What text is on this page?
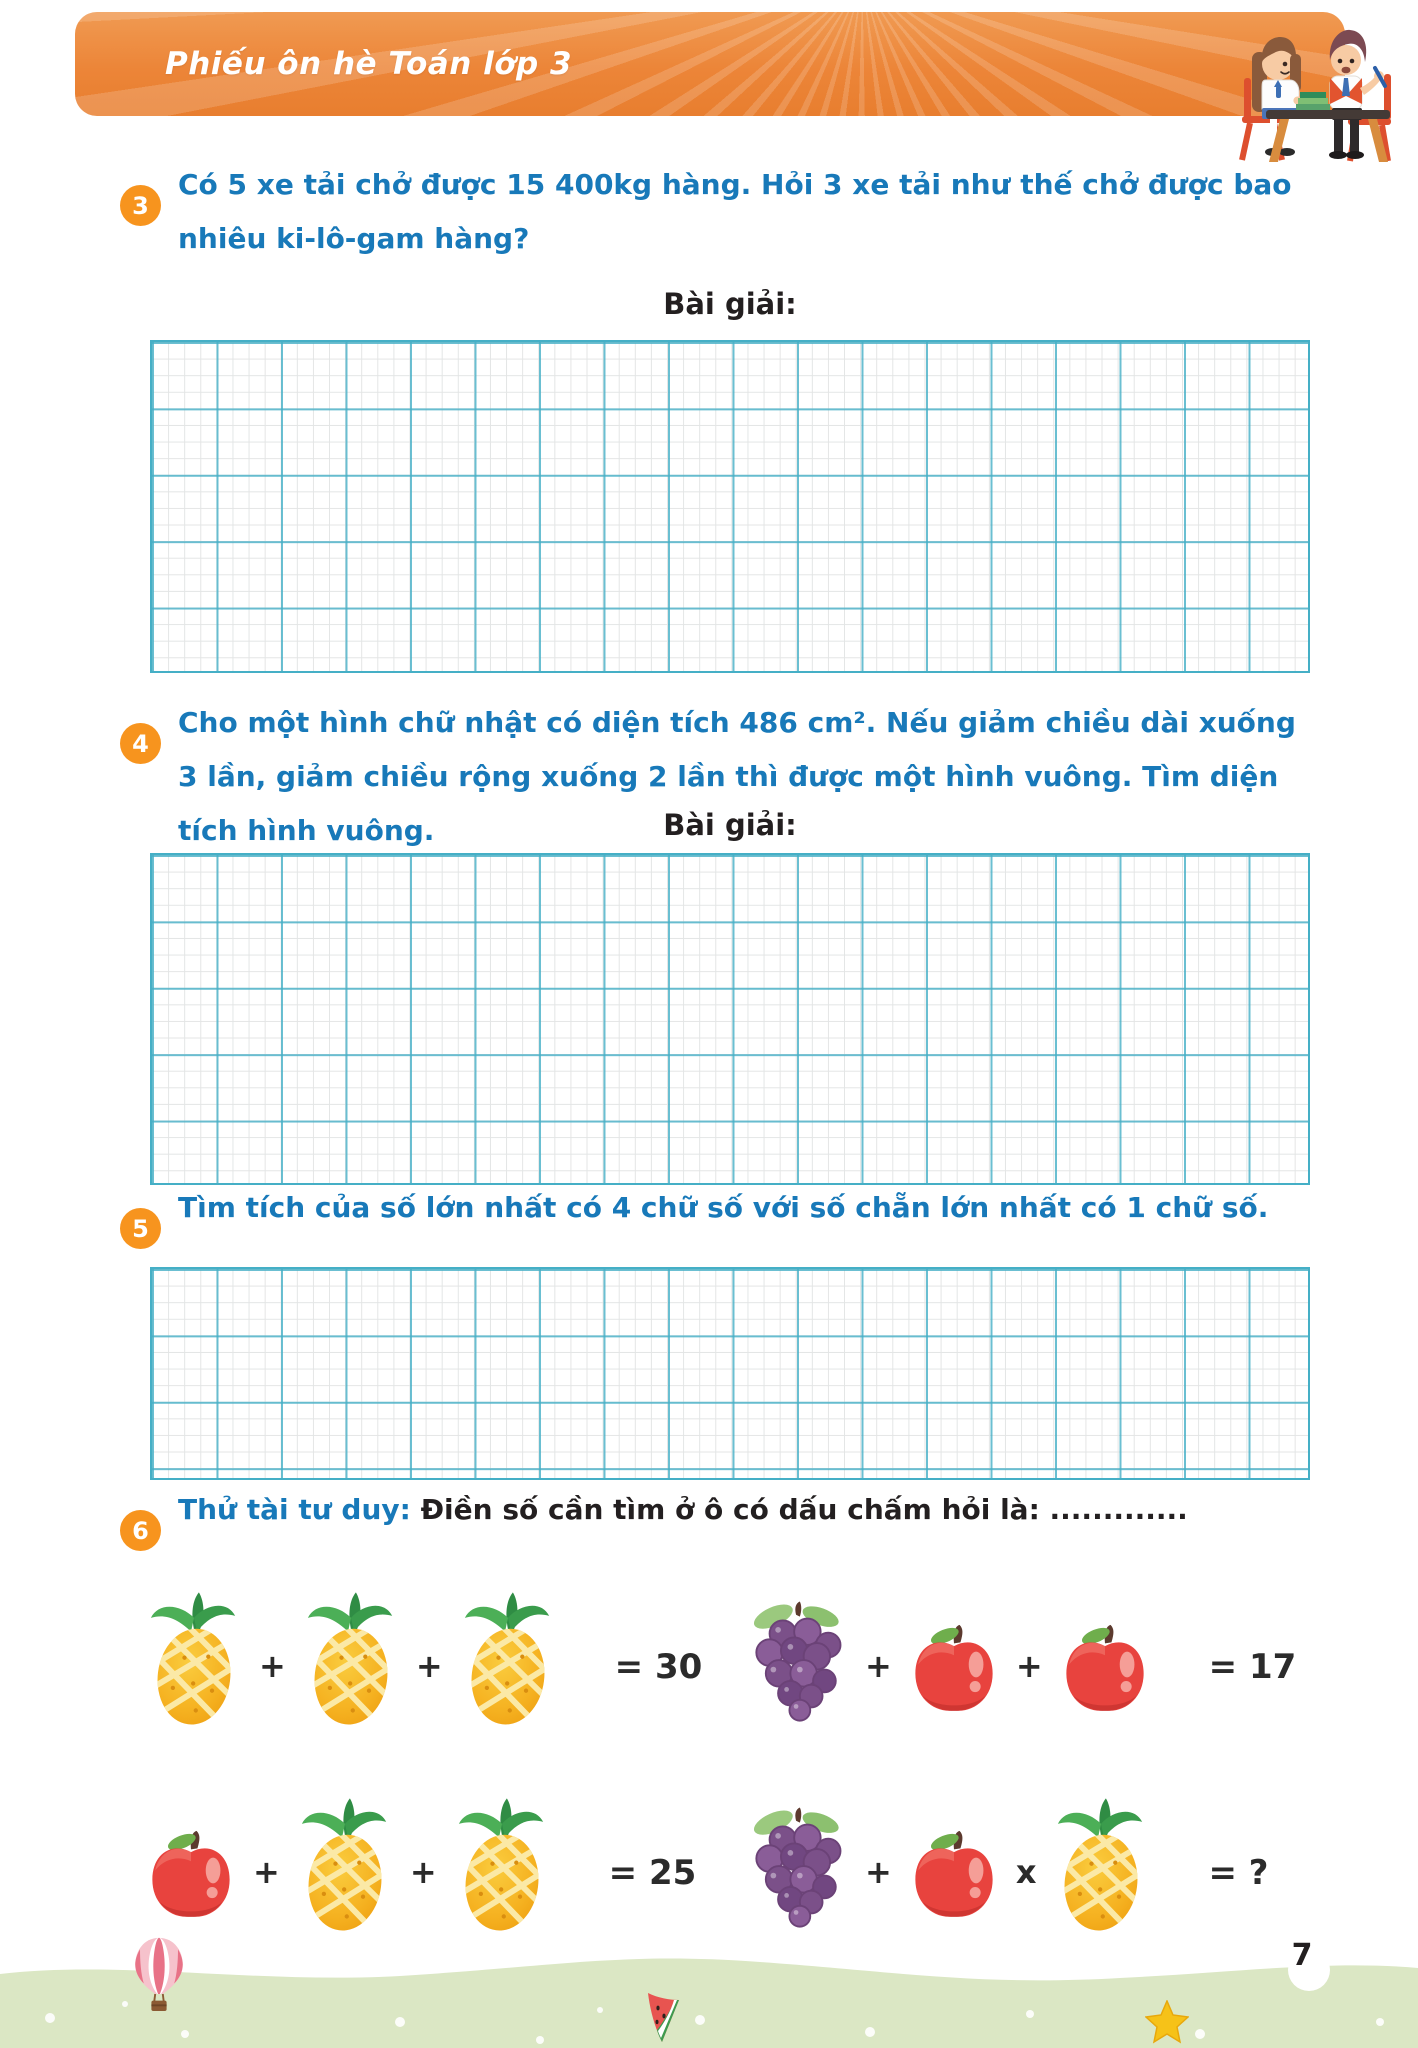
Phiếu ôn hè Toán lớp 3
3

Có 5 xe tải chở được 15 400kg hàng. Hỏi 3 xe tải như thế chở được bao nhiêu ki-lô-gam hàng?

Bài giải:
4

Cho một hình chữ nhật có diện tích 486 cm². Nếu giảm chiều dài xuống 3 lần, giảm chiều rộng xuống 2 lần thì được một hình vuông. Tìm diện tích hình vuông.	Bài giải:
5

Tìm tích của số lớn nhất có 4 chữ số với số chẵn lớn nhất có 1 chữ số.

6

Thử tài tư duy: Điền số cần tìm ở ô có dấu chấm hỏi là: .............

+	+	= 30	+	+	= 17
+	+	= 25	+	x	= ?
7
